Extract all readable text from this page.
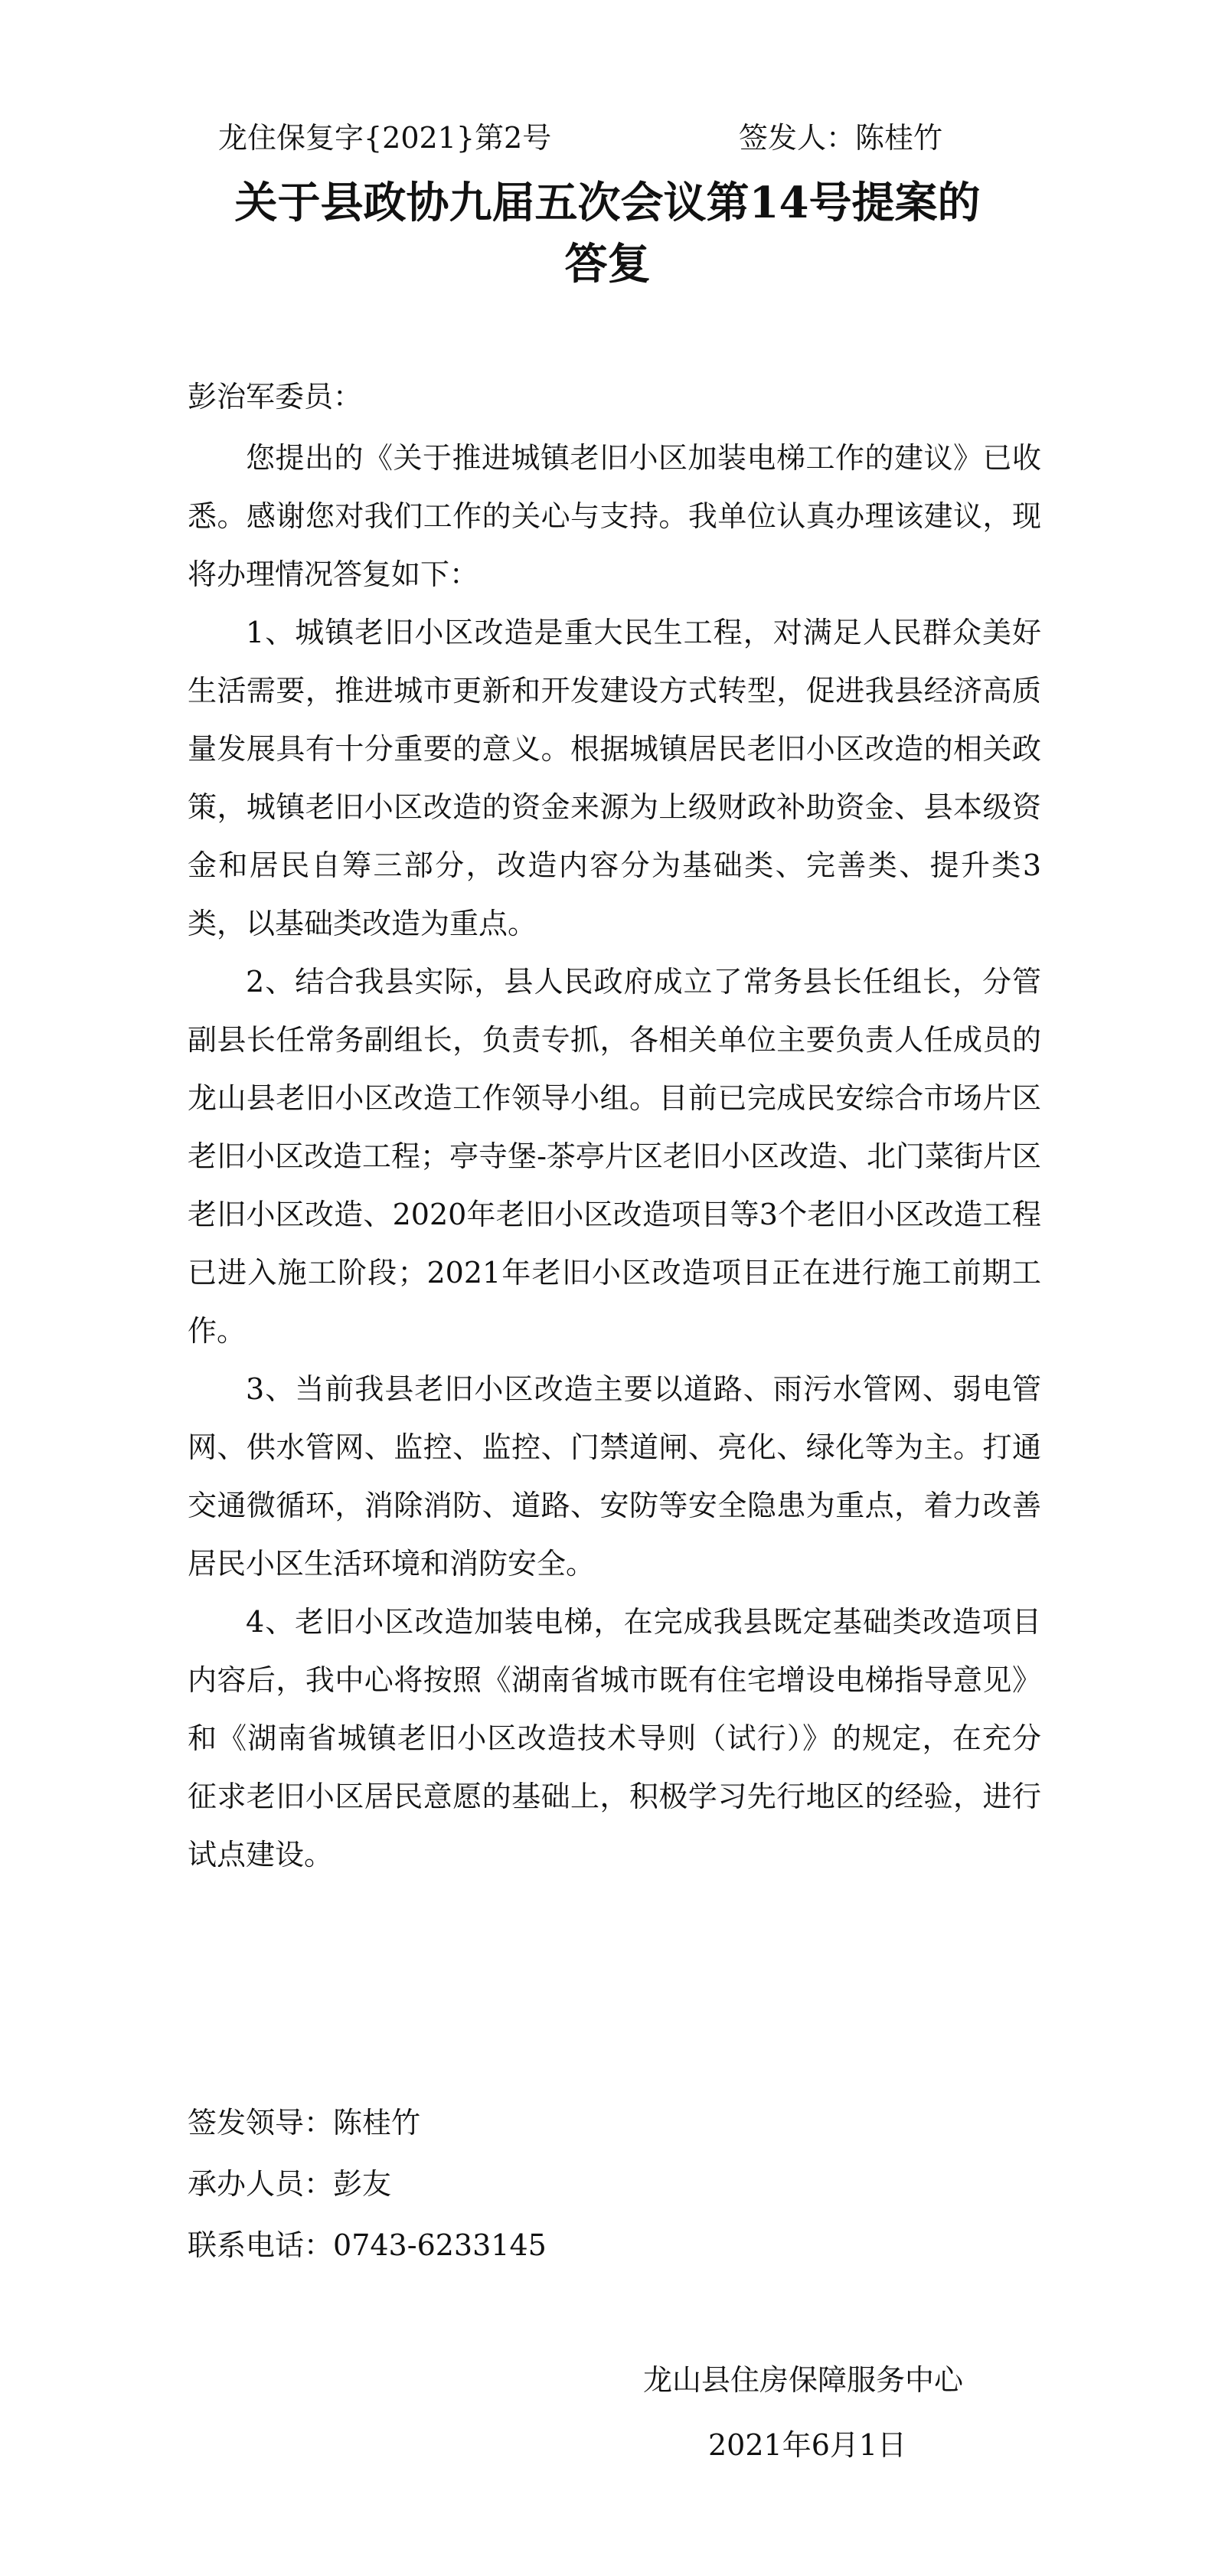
龙住保复字{2021}第2号	签发人：陈桂竹
关于县政协九届五次会议第14号提案的
答复
彭治军委员：

您提出的《关于推进城镇老旧小区加装电梯工作的建议》已收悉。感谢您对我们工作的关心与支持。我单位认真办理该建议，现将办理情况答复如下：

1、城镇老旧小区改造是重大民生工程，对满足人民群众美好生活需要，推进城市更新和开发建设方式转型，促进我县经济高质量发展具有十分重要的意义。根据城镇居民老旧小区改造的相关政策，城镇老旧小区改造的资金来源为上级财政补助资金、县本级资金和居民自筹三部分，改造内容分为基础类、完善类、提升类3类，以基础类改造为重点。

2、结合我县实际，县人民政府成立了常务县长任组长，分管副县长任常务副组长，负责专抓，各相关单位主要负责人任成员的龙山县老旧小区改造工作领导小组。目前已完成民安综合市场片区老旧小区改造工程；亭寺堡-茶亭片区老旧小区改造、北门菜街片区老旧小区改造、2020年老旧小区改造项目等3个老旧小区改造工程已进入施工阶段；2021年老旧小区改造项目正在进行施工前期工作。

3、当前我县老旧小区改造主要以道路、雨污水管网、弱电管网、供水管网、监控、监控、门禁道闸、亮化、绿化等为主。打通交通微循环，消除消防、道路、安防等安全隐患为重点，着力改善居民小区生活环境和消防安全。

4、老旧小区改造加装电梯，在完成我县既定基础类改造项目内容后，我中心将按照《湖南省城市既有住宅增设电梯指导意见》和《湖南省城镇老旧小区改造技术导则（试行）》的规定，在充分征求老旧小区居民意愿的基础上，积极学习先行地区的经验，进行试点建设。

签发领导：陈桂竹
承办人员：彭友
联系电话：0743-6233145
龙山县住房保障服务中心
2021年6月1日
